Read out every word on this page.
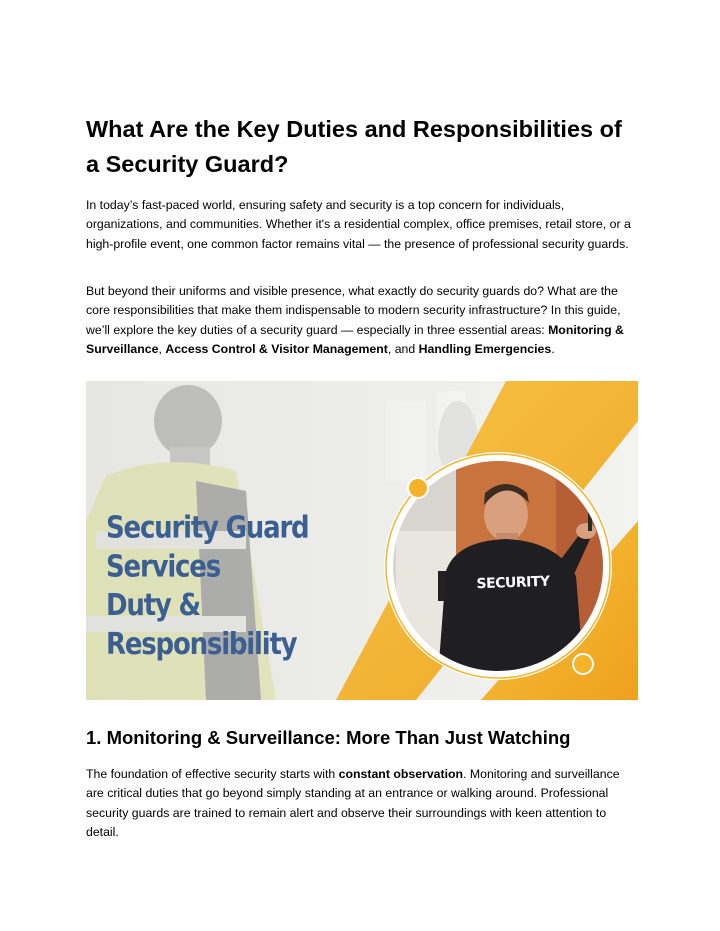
What Are the Key Duties and Responsibilities of a Security Guard?

In today’s fast-paced world, ensuring safety and security is a top concern for individuals, organizations, and communities. Whether it's a residential complex, office premises, retail store, or a high-profile event, one common factor remains vital — the presence of professional security guards.

But beyond their uniforms and visible presence, what exactly do security guards do? What are the core responsibilities that make them indispensable to modern security infrastructure? In this guide, we’ll explore the key duties of a security guard — especially in three essential areas: Monitoring & Surveillance, Access Control & Visitor Management, and Handling Emergencies.

Security Guard Services
Duty & Responsibility
SECURITY
1. Monitoring & Surveillance: More Than Just Watching

The foundation of effective security starts with constant observation. Monitoring and surveillance are critical duties that go beyond simply standing at an entrance or walking around. Professional security guards are trained to remain alert and observe their surroundings with keen attention to detail.
